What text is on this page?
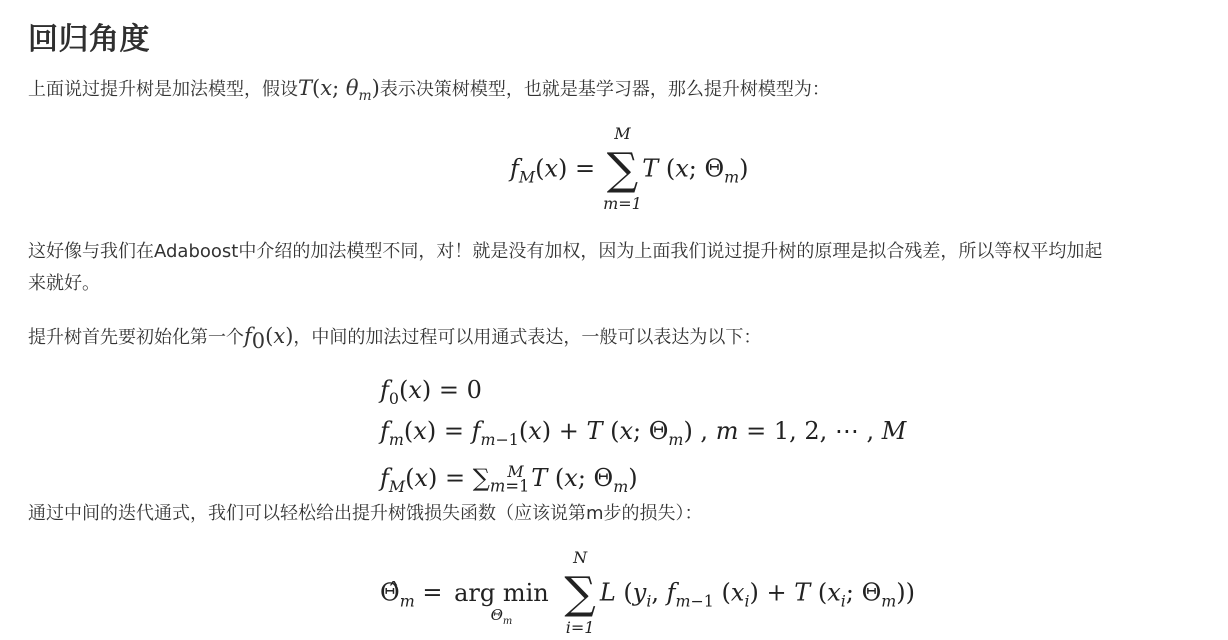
回归角度

上面说过提升树是加法模型，假设T(x; $\theta_m$)表示决策树模型，也就是基学习器，那么提升树模型为：

$f_M(x)$ = ∑
M
m=1
T (x; $\Theta_m$)

这好像与我们在Adaboost中介绍的加法模型不同，对！就是没有加权，因为上面我们说过提升树的原理是拟合残差，所以等权平均加起

来就好。

提升树首先要初始化第一个$f_0(x)$，中间的加法过程可以用通式表达，一般可以表达为以下：

$f_0(x) = 0$
$f_m(x) = f_{m-1}(x) + T$ (x; $\Theta_m$) , m = 1, 2, ⋯ , M
$f_M(x) = \sum_{m=1}^M$ T (x; $\Theta_m$)

通过中间的迭代通式，我们可以轻松给出提升树饿损失函数（应该说第m步的损失）：

$\Thetâ_m$ = arg min
$\Theta_m$
∑
N
i=1
L ($y_i$, $f_{m-1}$ $(x_i) + T$ ($x_i$; $\Theta_m$))
